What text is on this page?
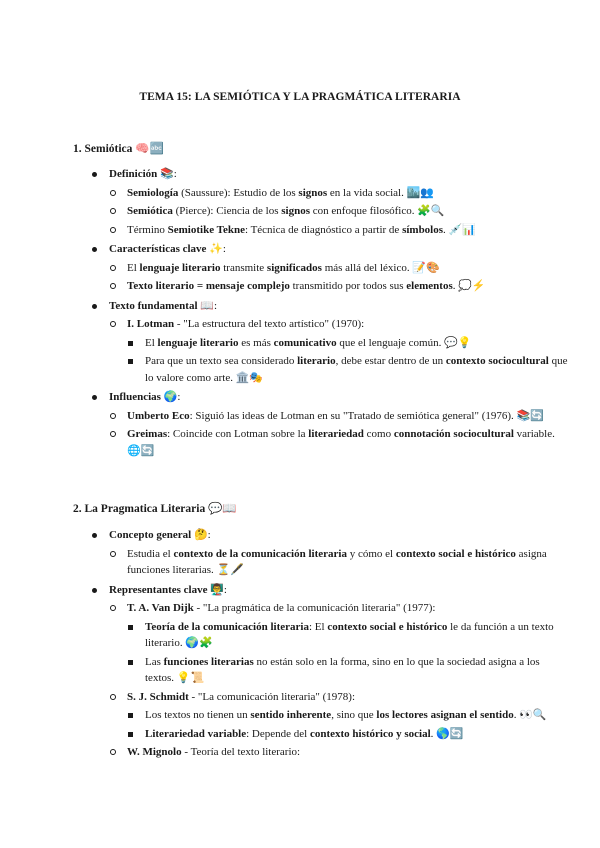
TEMA 15: LA SEMIÓTICA Y LA PRAGMÁTICA LITERARIA
1. Semiótica 🧠🔤
Definición 📚:
Semiología (Saussure): Estudio de los signos en la vida social. 🏙️👥
Semiótica (Pierce): Ciencia de los signos con enfoque filosófico. 🧩🔍
Término Semiotike Tekne: Técnica de diagnóstico a partir de símbolos. 💉📊
Características clave ✨:
El lenguaje literario transmite significados más allá del léxico. 📝🎨
Texto literario = mensaje complejo transmitido por todos sus elementos. 💭⚡
Texto fundamental 📖:
I. Lotman - "La estructura del texto artístico" (1970):
El lenguaje literario es más comunicativo que el lenguaje común. 💬💡
Para que un texto sea considerado literario, debe estar dentro de un contexto sociocultural que lo valore como arte. 🏛️🎭
Influencias 🌍:
Umberto Eco: Siguió las ideas de Lotman en su "Tratado de semiótica general" (1976). 📚🔄
Greimas: Coincide con Lotman sobre la literariedad como connotación sociocultural variable. 🌐🔄
2. La Pragmatica Literaria 💬📖
Concepto general 🤔:
Estudia el contexto de la comunicación literaria y cómo el contexto social e histórico asigna funciones literarias. ⏳🖋️
Representantes clave 👨‍🏫:
T. A. Van Dijk - "La pragmática de la comunicación literaria" (1977):
Teoría de la comunicación literaria: El contexto social e histórico le da función a un texto literario. 🌍🧩
Las funciones literarias no están solo en la forma, sino en lo que la sociedad asigna a los textos. 💡📜
S. J. Schmidt - "La comunicación literaria" (1978):
Los textos no tienen un sentido inherente, sino que los lectores asignan el sentido. 👀🔍
Literariedad variable: Depende del contexto histórico y social. 🌎🔄
W. Mignolo - Teoría del texto literario:
